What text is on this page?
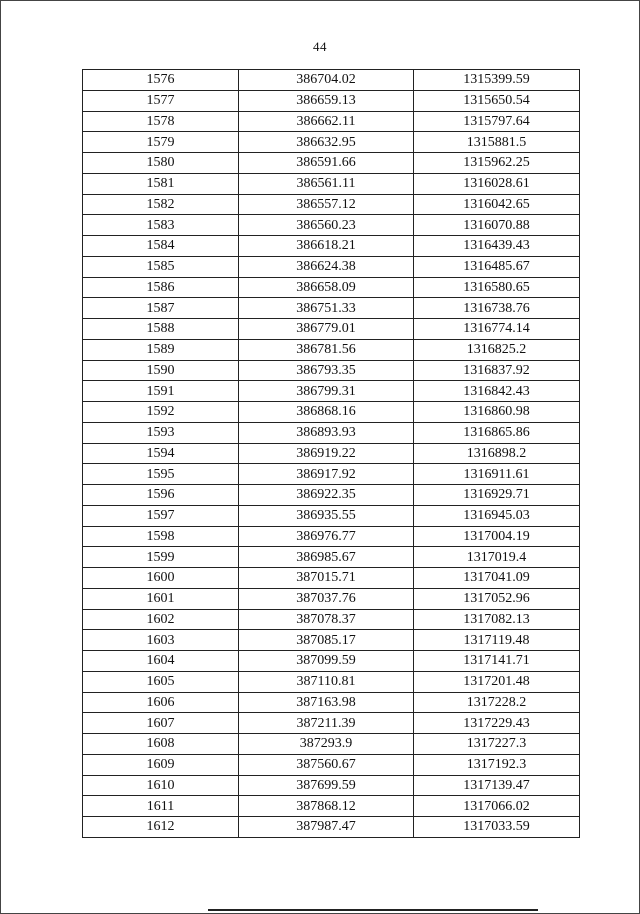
44
1576	386704.02	1315399.59
1577	386659.13	1315650.54
1578	386662.11	1315797.64
1579	386632.95	1315881.5
1580	386591.66	1315962.25
1581	386561.11	1316028.61
1582	386557.12	1316042.65
1583	386560.23	1316070.88
1584	386618.21	1316439.43
1585	386624.38	1316485.67
1586	386658.09	1316580.65
1587	386751.33	1316738.76
1588	386779.01	1316774.14
1589	386781.56	1316825.2
1590	386793.35	1316837.92
1591	386799.31	1316842.43
1592	386868.16	1316860.98
1593	386893.93	1316865.86
1594	386919.22	1316898.2
1595	386917.92	1316911.61
1596	386922.35	1316929.71
1597	386935.55	1316945.03
1598	386976.77	1317004.19
1599	386985.67	1317019.4
1600	387015.71	1317041.09
1601	387037.76	1317052.96
1602	387078.37	1317082.13
1603	387085.17	1317119.48
1604	387099.59	1317141.71
1605	387110.81	1317201.48
1606	387163.98	1317228.2
1607	387211.39	1317229.43
1608	387293.9	1317227.3
1609	387560.67	1317192.3
1610	387699.59	1317139.47
1611	387868.12	1317066.02
1612	387987.47	1317033.59
